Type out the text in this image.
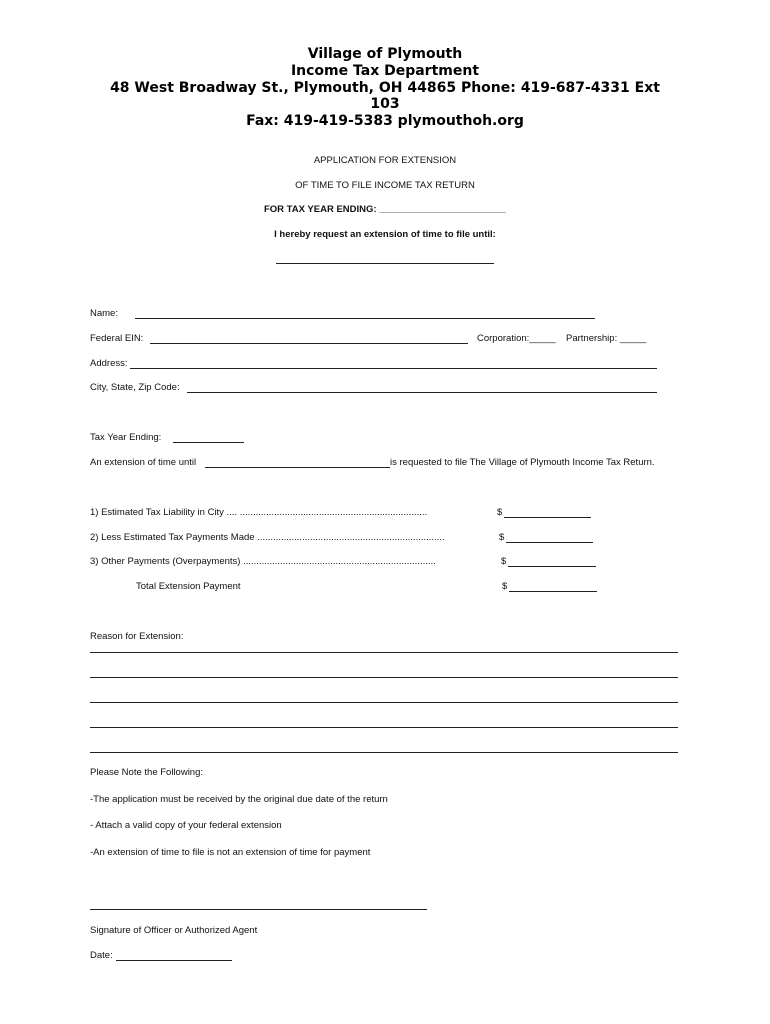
Village of Plymouth
Income Tax Department
48 West Broadway St., Plymouth, OH 44865 Phone: 419-687-4331 Ext
103
Fax: 419-419-5383 plymouthoh.org
APPLICATION FOR EXTENSION
OF TIME TO FILE INCOME TAX RETURN
FOR TAX YEAR ENDING: ________________________
I hereby request an extension of time to file until:
Name:
Federal EIN:	Corporation:_____ Partnership: _____
Address:
City, State, Zip Code:
Tax Year Ending:
An extension of time until	is requested to file The Village of Plymouth Income Tax Return.
1) Estimated Tax Liability in City .... .......................................................................	$
2) Less Estimated Tax Payments Made .......................................................................	$
3) Other Payments (Overpayments) .........................................................................	$
Total Extension Payment	$
Reason for Extension:
Please Note the Following:
-The application must be received by the original due date of the return
- Attach a valid copy of your federal extension
-An extension of time to file is not an extension of time for payment
Signature of Officer or Authorized Agent
Date:
